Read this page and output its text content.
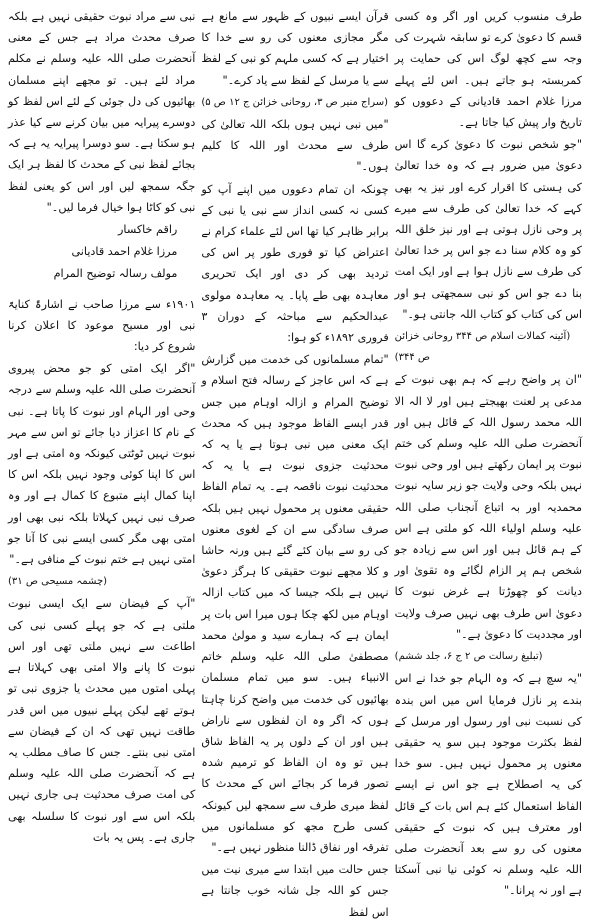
طرف منسوب کریں اور اگر وہ کسی قسم کا دعویٰ کرے تو سابقہ شہرت کی وجہ سے کچھ لوگ اس کی حمایت پر کمربستہ ہو جاتے ہیں۔ اس لئے پہلے مرزا غلام احمد قادیانی کے دعووں کو تاریخ وار پیش کیا جاتا ہے۔

"جو شخص نبوت کا دعویٰ کرے گا اس دعویٰ میں ضرور ہے کہ وہ خدا تعالیٰ کی ہستی کا اقرار کرے اور نیز یہ بھی کہے کہ خدا تعالیٰ کی طرف سے میرے پر وحی نازل ہوتی ہے اور نیز خلق اللہ کو وہ کلام سنا دے جو اس پر خدا تعالیٰ کی طرف سے نازل ہوا ہے اور ایک امت بنا دے جو اس کو نبی سمجھتی ہو اور اس کی کتاب کو کتاب اللہ جانتی ہو۔"

(آئینہ کمالات اسلام ص ۳۴۴ روحانی خزائن ص ۳۴۴)

"ان پر واضح رہے کہ ہم بھی نبوت کے مدعی پر لعنت بھیجتے ہیں اور لا الہ الا اللہ محمد رسول اللہ کے قائل ہیں اور آنحضرت صلی اللہ علیہ وسلم کی ختم نبوت پر ایمان رکھتے ہیں اور وحی نبوت نہیں بلکہ وحی ولایت جو زیر سایہ نبوت محمدیہ اور بہ اتباع آنجناب صلی اللہ علیہ وسلم اولیاء اللہ کو ملتی ہے اس کے ہم قائل ہیں اور اس سے زیادہ جو شخص ہم پر الزام لگائے وہ تقویٰ اور دیانت کو چھوڑتا ہے غرض نبوت کا دعویٰ اس طرف بھی نہیں صرف ولایت اور مجددیت کا دعویٰ ہے۔"

(تبلیغ رسالت ص ۲ ج ۶، جلد ششم)

"یہ سچ ہے کہ وہ الہام جو خدا نے اس بندے پر نازل فرمایا اس میں اس بندہ کی نسبت نبی اور رسول اور مرسل کے لفظ بکثرت موجود ہیں سو یہ حقیقی معنوں پر محمول نہیں ہیں۔ سو خدا کی یہ اصطلاح ہے جو اس نے ایسے الفاظ استعمال کئے ہم اس بات کے قائل اور معترف ہیں کہ نبوت کے حقیقی معنوں کی رو سے بعد آنحضرت صلی اللہ علیہ وسلم نہ کوئی نیا نبی آسکتا ہے اور نہ پرانا۔"

قرآن ایسے نبیوں کے ظہور سے مانع ہے مگر مجازی معنوں کی رو سے خدا کا اختیار ہے کہ کسی ملہم کو نبی کے لفظ سے یا مرسل کے لفظ سے یاد کرے۔"

(سراج منیر ص ۳، روحانی خزائن ج ۱۲ ص ۵)

"میں نبی نہیں ہوں بلکہ اللہ تعالیٰ کی طرف سے محدث اور اللہ کا کلیم ہوں۔"

چونکہ ان تمام دعووں میں اپنے آپ کو کسی نہ کسی انداز سے نبی یا نبی کے برابر ظاہر کیا تھا اس لئے علماء کرام نے اعتراض کیا تو فوری طور پر اس کی تردید بھی کر دی اور ایک تحریری معاہدہ بھی طے پایا۔ یہ معاہدہ مولوی عبدالحکیم سے مباحثہ کے دوران ۳ فروری ۱۸۹۲ء کو ہوا:

"تمام مسلمانوں کی خدمت میں گزارش ہے کہ اس عاجز کے رسالہ فتح اسلام و توضیح المرام و ازالہ اوہام میں جس قدر ایسے الفاظ موجود ہیں کہ محدث ایک معنی میں نبی ہوتا ہے یا یہ کہ محدثیت جزوی نبوت ہے یا یہ کہ محدثیت نبوت ناقصہ ہے۔ یہ تمام الفاظ حقیقی معنوں پر محمول نہیں ہیں بلکہ صرف سادگی سے ان کے لغوی معنوں کی رو سے بیان کئے گئے ہیں ورنہ حاشا و کلا مجھے نبوت حقیقی کا ہرگز دعویٰ نہیں ہے بلکہ جیسا کہ میں کتاب ازالہ اوہام میں لکھ چکا ہوں میرا اس بات پر ایمان ہے کہ ہمارے سید و مولیٰ محمد مصطفیٰ صلی اللہ علیہ وسلم خاتم الانبیاء ہیں۔ سو میں تمام مسلمان بھائیوں کی خدمت میں واضح کرنا چاہتا ہوں کہ اگر وہ ان لفظوں سے ناراض ہیں اور ان کے دلوں پر یہ الفاظ شاق ہیں تو وہ ان الفاظ کو ترمیم شدہ تصور فرما کر بجائے اس کے محدث کا لفظ میری طرف سے سمجھ لیں کیونکہ کسی طرح مجھ کو مسلمانوں میں تفرقہ اور نفاق ڈالنا منظور نہیں ہے۔"

جس حالت میں ابتدا سے میری نیت میں جس کو اللہ جل شانہ خوب جانتا ہے اس لفظ

نبی سے مراد نبوت حقیقی نہیں ہے بلکہ صرف محدث مراد ہے جس کے معنی آنحضرت صلی اللہ علیہ وسلم نے مکلم مراد لئے ہیں۔ تو مجھے اپنے مسلمان بھائیوں کی دل جوئی کے لئے اس لفظ کو دوسرے پیرایہ میں بیان کرنے سے کیا عذر ہو سکتا ہے۔ سو دوسرا پیرایہ یہ ہے کہ بجائے لفظ نبی کے محدث کا لفظ ہر ایک جگہ سمجھ لیں اور اس کو یعنی لفظ نبی کو کاٹا ہوا خیال فرما لیں۔"

راقم خاکسار

مرزا غلام احمد قادیانی

مولف رسالہ توضیح المرام

۱۹۰۱ء سے مرزا صاحب نے اشارۃً کنایۃً نبی اور مسیح موعود کا اعلان کرنا شروع کر دیا:

"اگر ایک امتی کو جو محض پیروی آنحضرت صلی اللہ علیہ وسلم سے درجہ وحی اور الہام اور نبوت کا پاتا ہے۔ نبی کے نام کا اعزاز دیا جائے تو اس سے مہر نبوت نہیں ٹوٹتی کیونکہ وہ امتی ہے اور اس کا اپنا کوئی وجود نہیں بلکہ اس کا اپنا کمال اپنے متبوع کا کمال ہے اور وہ صرف نبی نہیں کہلاتا بلکہ نبی بھی اور امتی بھی مگر کسی ایسے نبی کا آنا جو امتی نہیں ہے ختم نبوت کے منافی ہے۔"

(چشمہ مسیحی ص ۳۱)

"آپ کے فیضان سے ایک ایسی نبوت ملتی ہے کہ جو پہلے کسی نبی کی اطاعت سے نہیں ملتی تھی اور اس نبوت کا پانے والا امتی بھی کہلاتا ہے پہلی امتوں میں محدث یا جزوی نبی تو ہوتے تھے لیکن پہلے نبیوں میں اس قدر طاقت نہیں تھی کہ ان کے فیضان سے امتی نبی بنتے۔ جس کا صاف مطلب یہ ہے کہ آنحضرت صلی اللہ علیہ وسلم کی امت صرف محدثیت ہی جاری نہیں بلکہ اس سے اور نبوت کا سلسلہ بھی جاری ہے۔ پس یہ بات
